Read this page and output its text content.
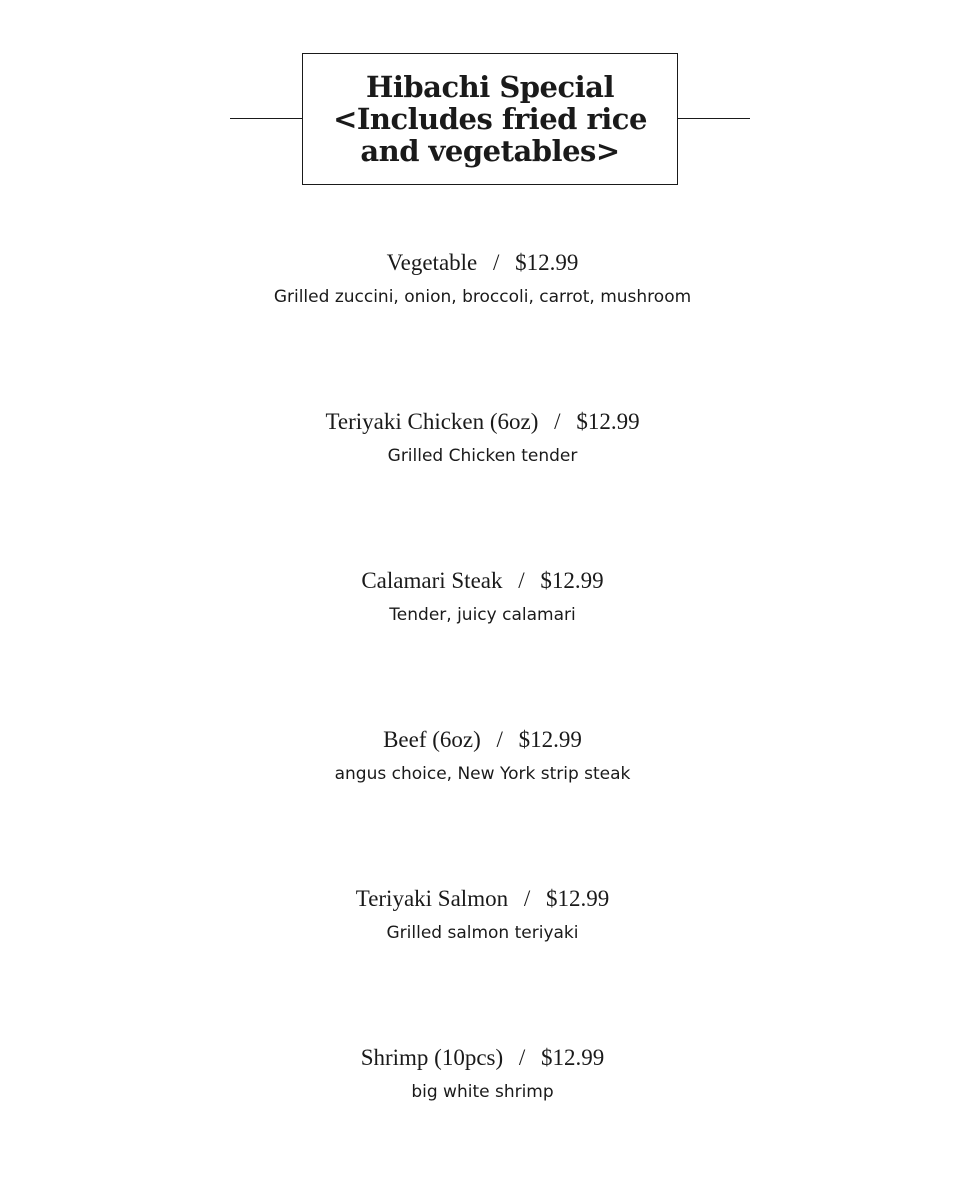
Hibachi Special
<Includes fried rice
and vegetables>
Vegetable / $12.99
Grilled zuccini, onion, broccoli, carrot, mushroom
Teriyaki Chicken (6oz) / $12.99
Grilled Chicken tender
Calamari Steak / $12.99
Tender, juicy calamari
Beef (6oz) / $12.99
angus choice, New York strip steak
Teriyaki Salmon / $12.99
Grilled salmon teriyaki
Shrimp (10pcs) / $12.99
big white shrimp
